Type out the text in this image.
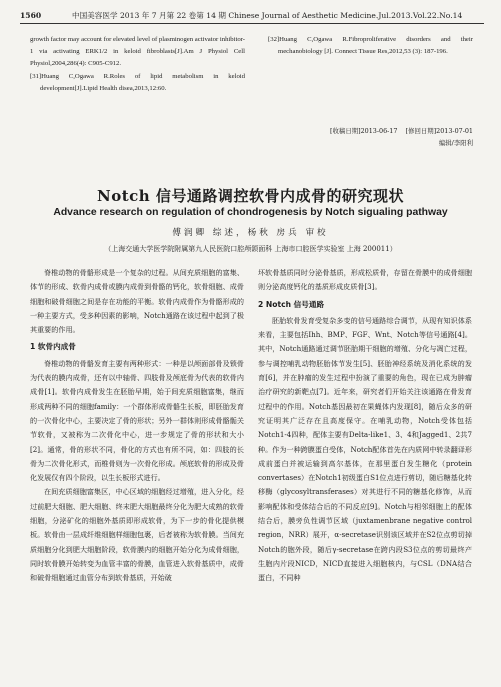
1560	中国美容医学 2013 年 7 月第 22 卷第 14 期 Chinese Journal of Aesthetic Medicine.Jul.2013.Vol.22.No.14

growth factor may account for elevated level of plasminogen activator inhibitor-1 via activating ERK1/2 in keloid fibroblasts[J].Am J Physiol Cell Physiol,2004,286(4): C905-C912.

[31]Huang C,Ogawa R.Roles of lipid metabolism in keloid development[J].Lipid Health disea,2013,12:60.

[32]Huang C,Ogawa R.Fibroproliferative disorders and their mechanobiology [J]. Connect Tissue Res,2012,53 (3): 187-196.

[收稿日期]2013-06-17 [修回日期]2013-07-01
编辑/李阳利
Notch 信号通路调控软骨内成骨的研究现状
Advance research on regulation of chondrogenesis by Notch sigualing pathway
傅润卿 综述，杨秋 房兵 审校
（上海交通大学医学院附属第九人民医院口腔颅颌面科 上海市口腔医学实验室 上海 200011）

脊椎动物的骨骼形成是一个复杂的过程。从间充质细胞的富集、体节的形成、软骨内成骨或膜内成骨到骨骼的钙化，软骨细胞、成骨细胞和破骨细胞之间是存在功能的平衡。软骨内成骨作为骨骼形成的一种主要方式，受多种因素的影响，Notch通路在该过程中起到了极其重要的作用。

1 软骨内成骨

脊椎动物的骨骼发育主要有两种形式：一种是以颅面部骨及锁骨为代表的膜内成骨，还有以中轴骨、四肢骨及颅底骨为代表的软骨内成骨[1]。软骨内成骨发生在胚胎早期，始于间充质细胞富集，继而形成两种不同的细胞family：一个群体形成骨骼生长板，即胚胎发育的一次骨化中心，主要决定了骨的形状；另外一群体则形成骨骼骺关节软骨，又被称为二次骨化中心，进一步规定了骨的形状和大小[2]。通常，骨的形状不同，骨化的方式也有所不同，如：四肢的长骨为二次骨化形式，而椎骨则为一次骨化形成。颅底软骨的形成及骨化发展仅有四个阶段，以生长板形式进行。

在间充质细胞富集区，中心区域的细胞经过增殖，进入分化，经过前肥大细胞、肥大细胞、终末肥大细胞最终分化为肥大成熟的软骨细胞，分泌矿化的细胞外基质即形成软骨，为下一步的骨化提供模板。软骨由一层成纤维细胞样细胞包裹，后者被称为软骨膜。当间充质细胞分化到肥大细胞阶段，软骨膜内的细胞开始分化为成骨细胞，同时软骨膜开始转变为血管丰富的骨膜，血管进入软骨基质中，成骨和破骨细胞通过血管分布到软骨基质，开始破

坏软骨基质同时分泌骨基质，形成松质骨，存留在骨膜中的成骨细胞则分泌高度钙化的基质形成皮质骨[3]。

2 Notch 信号通路

胚胎软骨发育受复杂多变的信号通路综合调节，从现有知识体系来看，主要包括Ihh、BMP、FGF、Wnt、Notch等信号通路[4]。其中，Notch通路通过调节胚胎期干细胞的增殖、分化与凋亡过程，参与调控哺乳动物胚胎体节发生[5]、胚胎神经系统及消化系统的发育[6]，并在肿瘤的发生过程中扮演了重要的角色，现在已成为肿瘤治疗研究的新靶点[7]。近年来，研究者们开始关注该通路在骨发育过程中的作用。Notch基因最初在果蝇体内发现[8]，随后众多的研究证明其广泛存在且高度保守。在哺乳动物，Notch受体包括Notch1-4四种，配体主要有Delta-like1、3、4和Jagged1、2共7种。作为一种跨膜蛋白受体，Notch配体首先在内质网中转录翻译形成前蛋白并被运输到高尔基体，在那里蛋白发生糖化（protein convertases）在Notch1初级蛋白S1位点进行剪切，随后糖基化转移酶（glycosyltransferases）对其进行不同的糖基化修饰，从而影响配体和受体结合后的不同反应[9]。Notch与相邻细胞上的配体结合后，膜旁负性调节区域（juxtamenbrane negative control region，NRR）展开，α-secretase识别该区域并在S2位点剪切掉Notch的胞外段，随后γ-secretase在跨内段S3位点的剪切最终产生胞内片段NICD，NICD直接进入细胞核内，与CSL（DNA结合蛋白，不同种
